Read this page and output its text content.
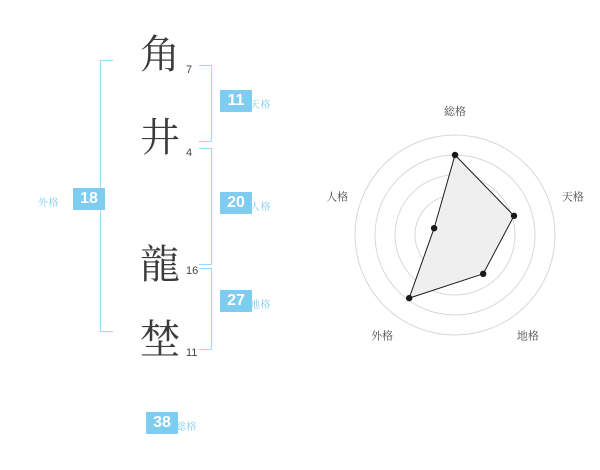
外格	18
角 7
井 4
龍 16
埜 11
11 天格
20 人格
27 地格
38 総格
総格
天格
地格
外格
人格
